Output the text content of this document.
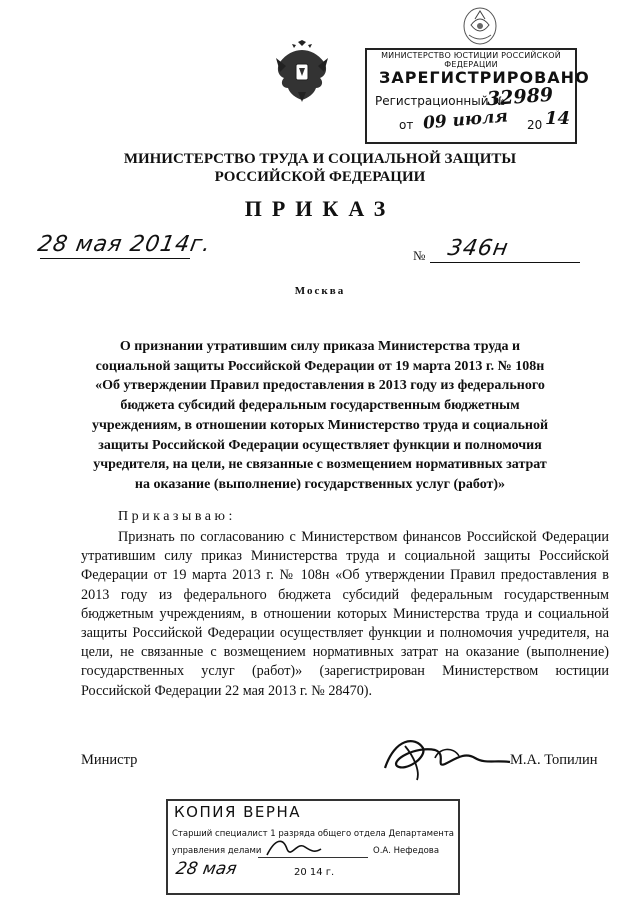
МИНИСТЕРСТВО ЮСТИЦИИ РОССИЙСКОЙ ФЕДЕРАЦИИ
ЗАРЕГИСТРИРОВАНО
Регистрационный №
32989
от 09 июля 20 14
МИНИСТЕРСТВО ТРУДА И СОЦИАЛЬНОЙ ЗАЩИТЫ
РОССИЙСКОЙ ФЕДЕРАЦИИ
ПРИКАЗ
28 мая 2014г.	№ 346н
Москва
О признании утратившим силу приказа Министерства труда и социальной защиты Российской Федерации от 19 марта 2013 г. № 108н «Об утверждении Правил предоставления в 2013 году из федерального бюджета субсидий федеральным государственным бюджетным учреждениям, в отношении которых Министерство труда и социальной защиты Российской Федерации осуществляет функции и полномочия учредителя, на цели, не связанные с возмещением нормативных затрат на оказание (выполнение) государственных услуг (работ)»
Приказываю:
Признать по согласованию с Министерством финансов Российской Федерации утратившим силу приказ Министерства труда и социальной защиты Российской Федерации от 19 марта 2013 г. № 108н «Об утверждении Правил предоставления в 2013 году из федерального бюджета субсидий федеральным государственным бюджетным учреждениям, в отношении которых Министерства труда и социальной защиты Российской Федерации осуществляет функции и полномочия учредителя, на цели, не связанные с возмещением нормативных затрат на оказание (выполнение) государственных услуг (работ)» (зарегистрирован Министерством юстиции Российской Федерации 22 мая 2013 г. № 28470).
Министр	М.А. Топилин
КОПИЯ ВЕРНА
Старший специалист 1 разряда общего отдела Департамента
управления делами	О.А. Нефедова
28 мая	20 14 г.
